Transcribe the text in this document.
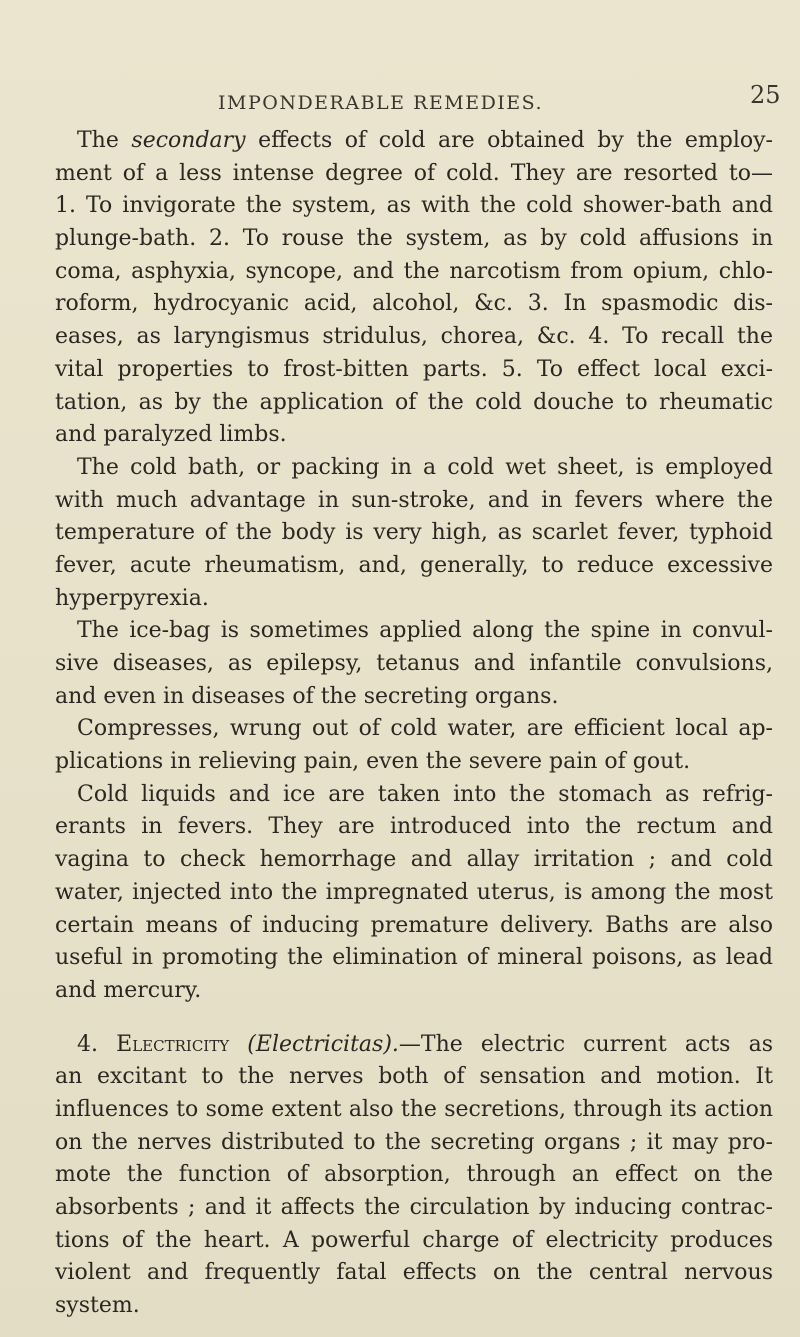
IMPONDERABLE REMEDIES.	25
The secondary effects of cold are obtained by the employ-
ment of a less intense degree of cold. They are resorted to—
1. To invigorate the system, as with the cold shower-bath and
plunge-bath. 2. To rouse the system, as by cold affusions in
coma, asphyxia, syncope, and the narcotism from opium, chlo-
roform, hydrocyanic acid, alcohol, &c. 3. In spasmodic dis-
eases, as laryngismus stridulus, chorea, &c. 4. To recall the
vital properties to frost-bitten parts. 5. To effect local exci-
tation, as by the application of the cold douche to rheumatic
and paralyzed limbs.
The cold bath, or packing in a cold wet sheet, is employed
with much advantage in sun-stroke, and in fevers where the
temperature of the body is very high, as scarlet fever, typhoid
fever, acute rheumatism, and, generally, to reduce excessive
hyperpyrexia.
The ice-bag is sometimes applied along the spine in convul-
sive diseases, as epilepsy, tetanus and infantile convulsions,
and even in diseases of the secreting organs.
Compresses, wrung out of cold water, are efficient local ap-
plications in relieving pain, even the severe pain of gout.
Cold liquids and ice are taken into the stomach as refrig-
erants in fevers. They are introduced into the rectum and
vagina to check hemorrhage and allay irritation ; and cold
water, injected into the impregnated uterus, is among the most
certain means of inducing premature delivery. Baths are also
useful in promoting the elimination of mineral poisons, as lead
and mercury.
4. Electricity (Electricitas).—The electric current acts as
an excitant to the nerves both of sensation and motion. It
influences to some extent also the secretions, through its action
on the nerves distributed to the secreting organs ; it may pro-
mote the function of absorption, through an effect on the
absorbents ; and it affects the circulation by inducing contrac-
tions of the heart. A powerful charge of electricity produces
violent and frequently fatal effects on the central nervous
system.
